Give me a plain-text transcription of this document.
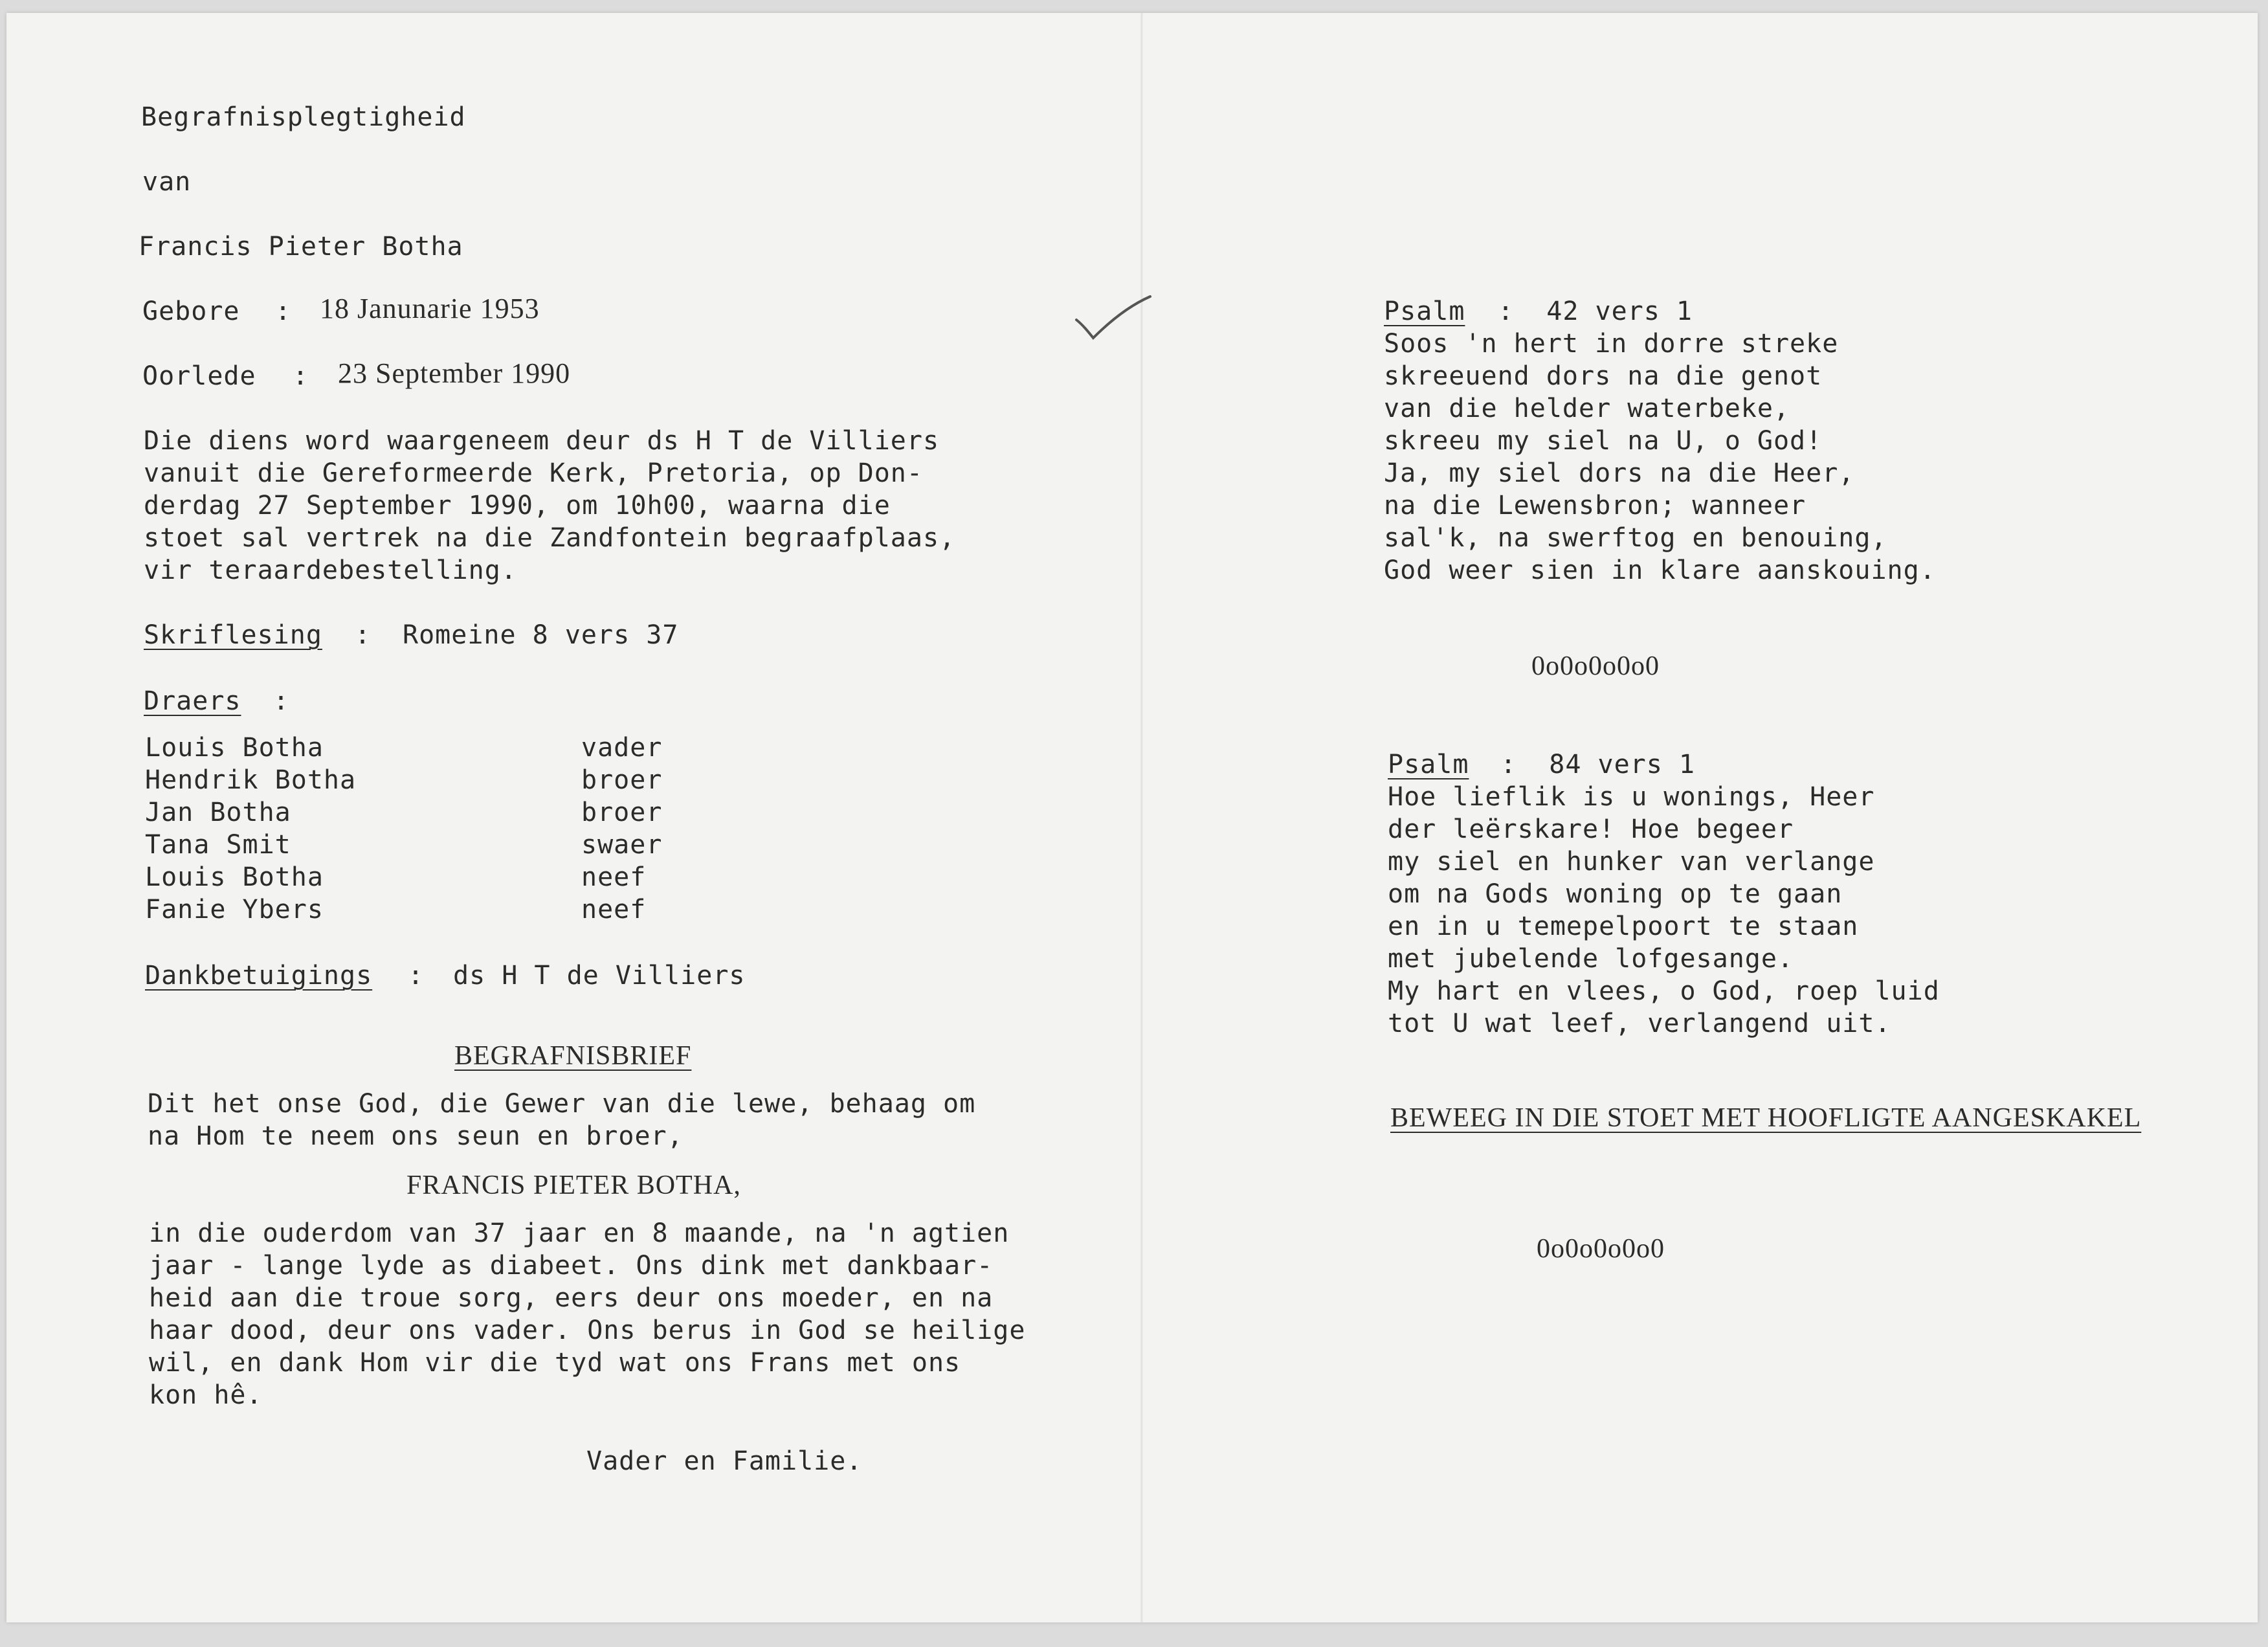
Begrafnisplegtigheid
van
Francis Pieter Botha
Gebore : 18 Janunarie 1953
Oorlede : 23 September 1990
Die diens word waargeneem deur ds H T de Villiers
vanuit die Gereformeerde Kerk, Pretoria, op Don-
derdag 27 September 1990, om 10h00, waarna die
stoet sal vertrek na die Zandfontein begraafplaas,
vir teraardebestelling.
Skriflesing : Romeine 8 vers 37
Draers :
Louis Botha	vader
Hendrik Botha	broer
Jan Botha	broer
Tana Smit	swaer
Louis Botha	neef
Fanie Ybers	neef
Dankbetuigings : ds H T de Villiers
BEGRAFNISBRIEF
Dit het onse God, die Gewer van die lewe, behaag om
na Hom te neem ons seun en broer,
FRANCIS PIETER BOTHA,
in die ouderdom van 37 jaar en 8 maande, na 'n agtien
jaar - lange lyde as diabeet. Ons dink met dankbaar-
heid aan die troue sorg, eers deur ons moeder, en na
haar dood, deur ons vader. Ons berus in God se heilige
wil, en dank Hom vir die tyd wat ons Frans met ons
kon hê.
Vader en Familie.
Psalm :  42 vers 1
Soos 'n hert in dorre streke
skreeuend dors na die genot
van die helder waterbeke,
skreeu my siel na U, o God!
Ja, my siel dors na die Heer,
na die Lewensbron; wanneer
sal'k, na swerftog en benouing,
God weer sien in klare aanskouing.
0o0o0o0o0
Psalm :  84 vers 1
Hoe lieflik is u wonings, Heer
der leërskare! Hoe begeer
my siel en hunker van verlange
om na Gods woning op te gaan
en in u temepelpoort te staan
met jubelende lofgesange.
My hart en vlees, o God, roep luid
tot U wat leef, verlangend uit.
BEWEEG IN DIE STOET MET HOOFLIGTE AANGESKAKEL
0o0o0o0o0
